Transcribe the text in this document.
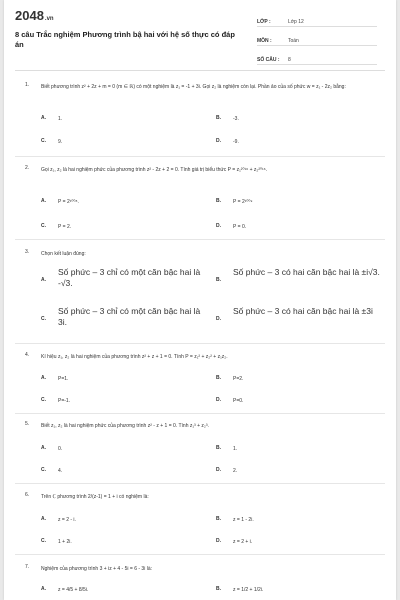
2048.vn
8 câu Trắc nghiệm Phương trình bậ hai với hệ số thực có đáp án
LỚP :	Lớp 12
MÔN :	Toán
SỐ CÂU :	8
1. Biết phương trình z² + 2z + m = 0 (m ∈ ℝ) có một nghiệm là z₁ = -1 + 3i. Gọi z₂ là nghiệm còn lại. Phần ảo của số phức w = z₁ - 2z₂ bằng:
A.	1.	B.	-3.
C.	9.	D.	-9.
2. Gọi z₁, z₂ là hai nghiệm phức của phương trình z² - 2z + 2 = 0. Tính giá trị biểu thức P = z₁²⁰¹⁶ + z₂²⁰¹⁶.
A.	P = 2¹⁰⁰⁸.	B.	P = 2¹⁰⁰⁹
C.	P = 2.	D.	P = 0.
3. Chọn kết luận đúng:
A.
Số phức – 3 chỉ có một căn bậc hai là -√3.	B.
Số phức – 3 có hai căn bậc hai là ±i√3.
C.
Số phức – 3 chỉ có một căn bậc hai là 3i.	D.
Số phức – 3 có hai căn bậc hai là ±3i
4. Kí hiệu z₁, z₂ là hai nghiệm của phương trình z² + z + 1 = 0. Tính P = z₁² + z₂² + z₁z₂.
A.	P=1.	B.	P=2.
C.	P=-1.	D.	P=0.
5. Biết z₁, z₂ là hai nghiệm phức của phương trình z² - z + 1 = 0. Tính z₁³ + z₂³.
A.	0.	B.	1.
C.	4.	D.	2.
6. Trên ℂ phương trình 2/(z-1) = 1 + i có nghiệm là:
A.	z = 2 - i.	B.	z = 1 - 2i.
C.	1 + 2i.	D.	z = 2 + i.
7. Nghiệm của phương trình 3 + iz + 4 - 5i = 6 - 3i là:
A.	z = 4/5 + 8/5i.	B.	z = 1/2 + 1/2i.
